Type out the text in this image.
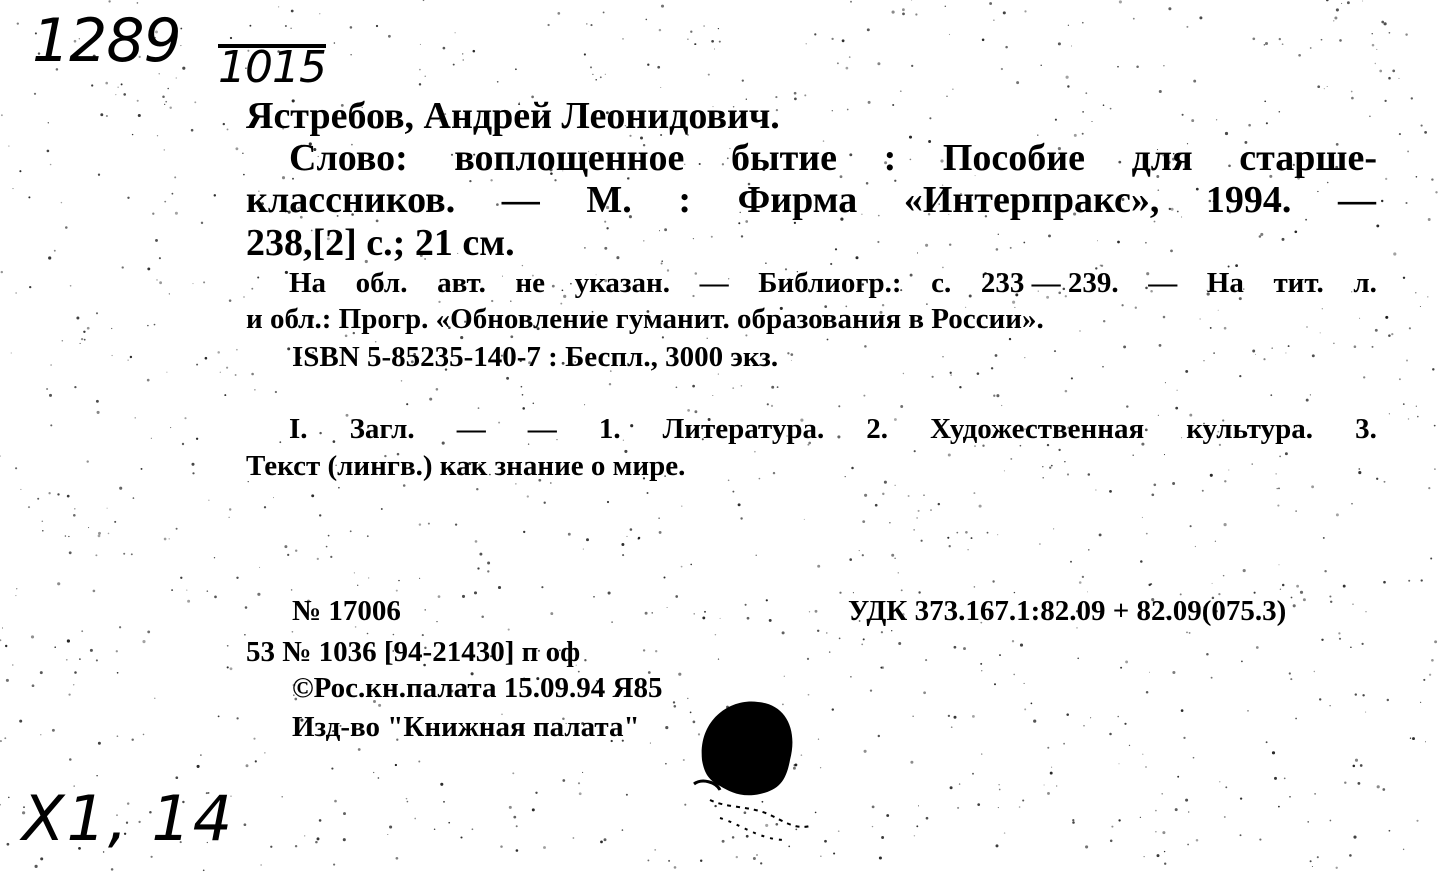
1289 1015
Ястребов, Андрей Леонидович.
Слово: воплощенное бытие : Пособие для старше-
классников. — М. : Фирма «Интерпракс», 1994. —
238,[2] с.; 21 см.
На обл. авт. не указан. — Библиогр.: с. 233 — 239. — На тит. л.
и обл.: Прогр. «Обновление гуманит. образования в России».
ISBN 5-85235-140-7 : Беспл., 3000 экз.
I. Загл. — — 1. Литература. 2. Художественная культура. 3.
Текст (лингв.) как знание о мире.
№ 17006	УДК 373.167.1:82.09 + 82.09(075.3)
53 № 1036 [94-21430] п оф
©Рос.кн.палата 15.09.94 Я85
Изд-во "Книжная палата"
X1, 14
